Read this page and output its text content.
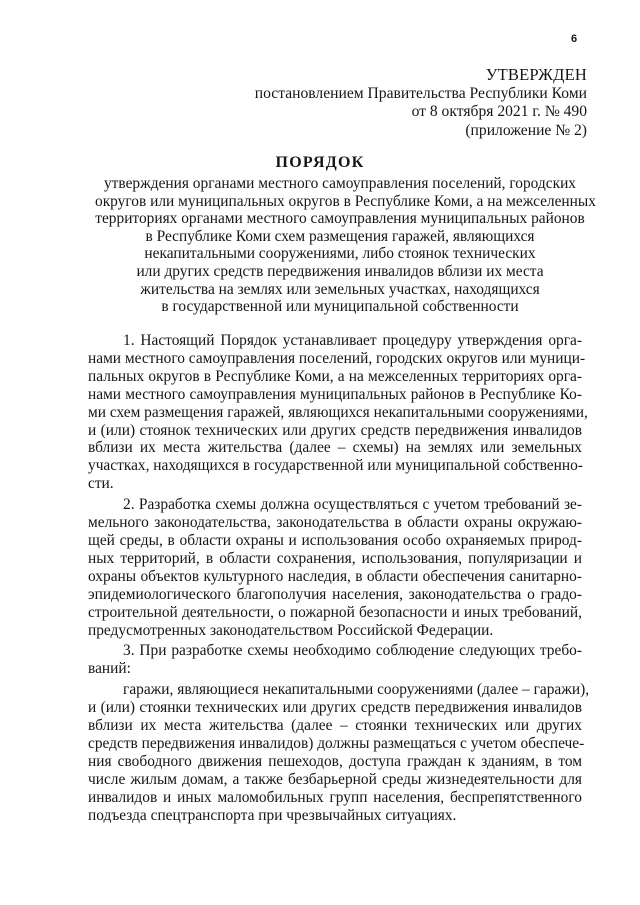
6
УТВЕРЖДЕН
постановлением Правительства Республики Коми
от 8 октября 2021 г. № 490
(приложение № 2)
ПОРЯДОК
утверждения органами местного самоуправления поселений, городских
округов или муниципальных округов в Республике Коми, а на межселенных
территориях органами местного самоуправления муниципальных районов
в Республике Коми схем размещения гаражей, являющихся
некапитальными сооружениями, либо стоянок технических
или других средств передвижения инвалидов вблизи их места
жительства на землях или земельных участках, находящихся
в государственной или муниципальной собственности

1. Настоящий Порядок устанавливает процедуру утверждения орга-
нами местного самоуправления поселений, городских округов или муници-
пальных округов в Республике Коми, а на межселенных территориях орга-
нами местного самоуправления муниципальных районов в Республике Ко-
ми схем размещения гаражей, являющихся некапитальными сооружениями,
и (или) стоянок технических или других средств передвижения инвалидов
вблизи их места жительства (далее – схемы) на землях или земельных
участках, находящихся в государственной или муниципальной собственно-
сти.

2. Разработка схемы должна осуществляться с учетом требований зе-
мельного законодательства, законодательства в области охраны окружаю-
щей среды, в области охраны и использования особо охраняемых природ-
ных территорий, в области сохранения, использования, популяризации и
охраны объектов культурного наследия, в области обеспечения санитарно-
эпидемиологического благополучия населения, законодательства о градо-
строительной деятельности, о пожарной безопасности и иных требований,
предусмотренных законодательством Российской Федерации.

3. При разработке схемы необходимо соблюдение следующих требо-
ваний:

гаражи, являющиеся некапитальными сооружениями (далее – гаражи),
и (или) стоянки технических или других средств передвижения инвалидов
вблизи их места жительства (далее – стоянки технических или других
средств передвижения инвалидов) должны размещаться с учетом обеспече-
ния свободного движения пешеходов, доступа граждан к зданиям, в том
числе жилым домам, а также безбарьерной среды жизнедеятельности для
инвалидов и иных маломобильных групп населения, беспрепятственного
подъезда спецтранспорта при чрезвычайных ситуациях.
